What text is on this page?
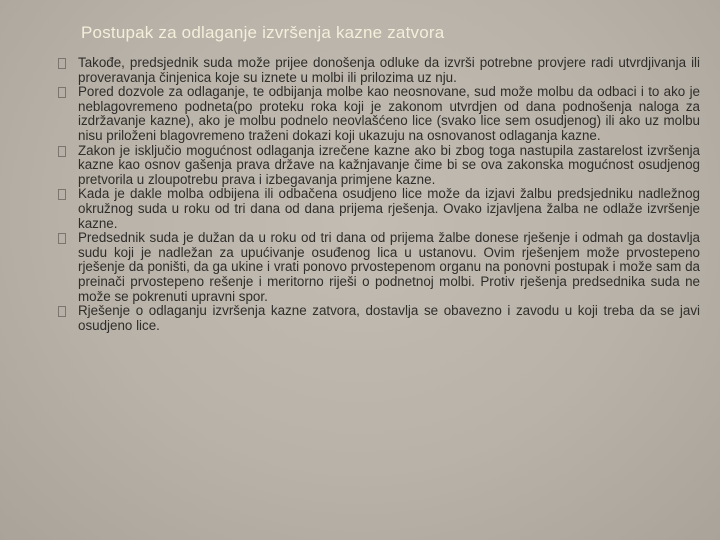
Postupak za odlaganje izvršenja kazne zatvora
Takođe, predsjednik suda može prijee donošenja odluke da izvrši potrebne provjere radi utvrdjivanja ili proveravanja činjenica koje su iznete u molbi ili prilozima uz nju.
Pored dozvole za odlaganje, te odbijanja molbe kao neosnovane, sud može molbu da odbaci i to ako je neblagovremeno podneta(po proteku roka koji je zakonom utvrdjen od dana podnošenja naloga za izdržavanje kazne), ako je molbu podnelo neovlašćeno lice (svako lice sem osudjenog) ili ako uz molbu nisu priloženi blagovremeno traženi dokazi koji ukazuju na osnovanost odlaganja kazne.
Zakon je isključio mogućnost odlaganja izrečene kazne ako bi zbog toga nastupila zastarelost izvršenja kazne kao osnov gašenja prava države na kažnjavanje čime bi se ova zakonska mogućnost osudjenog pretvorila u zloupotrebu prava i izbegavanja primjene kazne.
Kada je dakle molba odbijena ili odbačena osudjeno lice može da izjavi žalbu predsjedniku nadležnog okružnog suda u roku od tri dana od dana prijema rješenja. Ovako izjavljena žalba ne odlaže izvršenje kazne.
Predsednik suda je dužan da u roku od tri dana od prijema žalbe donese rješenje i odmah ga dostavlja sudu koji je nadležan za upućivanje osuđenog lica u ustanovu. Ovim rješenjem može prvostepeno rješenje da poništi, da ga ukine i vrati ponovo prvostepenom organu na ponovni postupak i može sam da preinači prvostepeno rešenje i meritorno riješi o podnetnoj molbi. Protiv rješenja predsednika suda ne može se pokrenuti upravni spor.
Rješenje o odlaganju izvršenja kazne zatvora, dostavlja se obavezno i zavodu u koji treba da se javi osudjeno lice.
